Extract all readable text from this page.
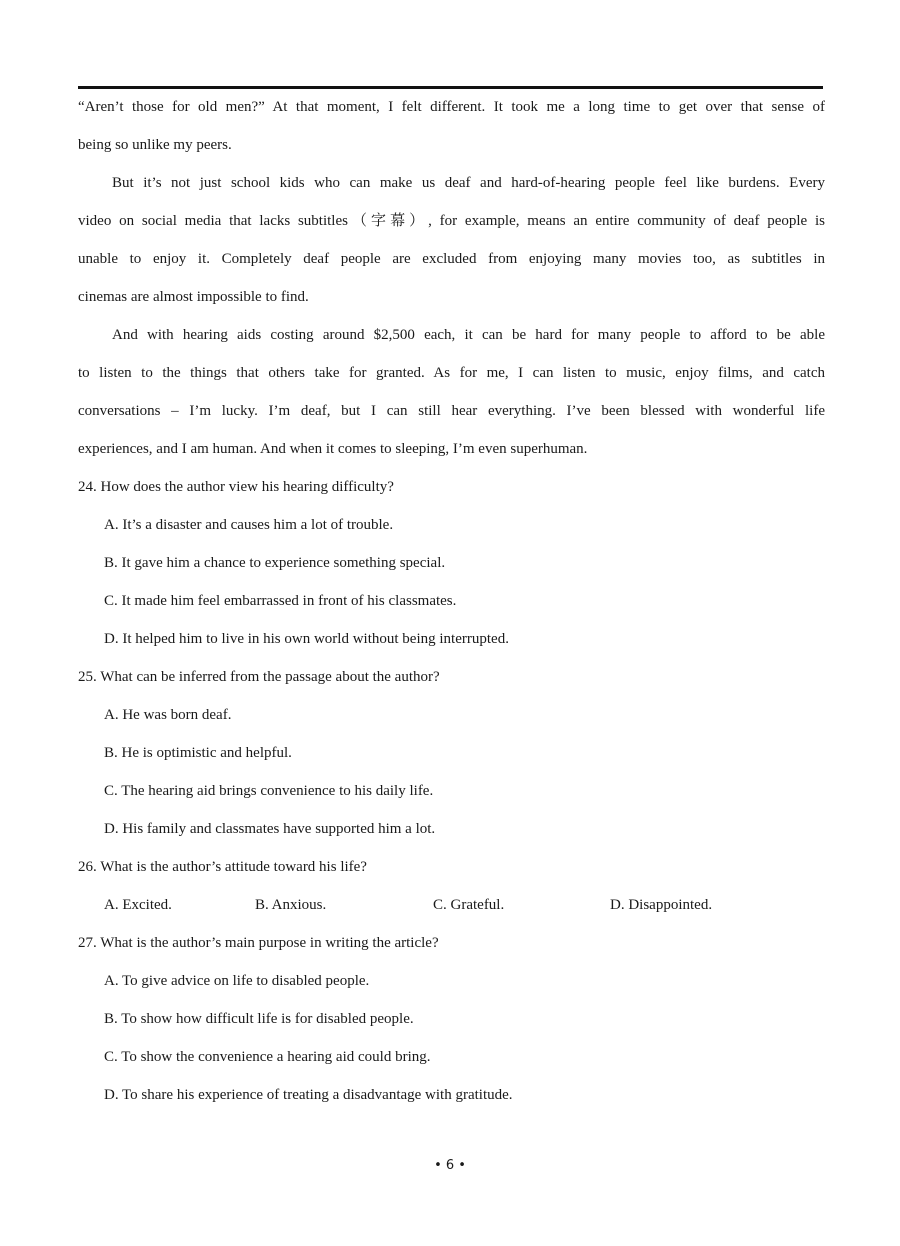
“Aren’t those for old men?” At that moment, I felt different. It took me a long time to get over that sense of
being so unlike my peers.
But it’s not just school kids who can make us deaf and hard-of-hearing people feel like burdens. Every
video on social media that lacks subtitles（字幕）, for example, means an entire community of deaf people is
unable to enjoy it. Completely deaf people are excluded from enjoying many movies too, as subtitles in
cinemas are almost impossible to find.
And with hearing aids costing around $2,500 each, it can be hard for many people to afford to be able
to listen to the things that others take for granted. As for me, I can listen to music, enjoy films, and catch
conversations – I’m lucky. I’m deaf, but I can still hear everything. I’ve been blessed with wonderful life
experiences, and I am human. And when it comes to sleeping, I’m even superhuman.
24. How does the author view his hearing difficulty?
A. It’s a disaster and causes him a lot of trouble.
B. It gave him a chance to experience something special.
C. It made him feel embarrassed in front of his classmates.
D. It helped him to live in his own world without being interrupted.
25. What can be inferred from the passage about the author?
A. He was born deaf.
B. He is optimistic and helpful.
C. The hearing aid brings convenience to his daily life.
D. His family and classmates have supported him a lot.
26. What is the author’s attitude toward his life?
A. Excited.	B. Anxious.	C. Grateful.	D. Disappointed.
27. What is the author’s main purpose in writing the article?
A. To give advice on life to disabled people.
B. To show how difficult life is for disabled people.
C. To show the convenience a hearing aid could bring.
D. To share his experience of treating a disadvantage with gratitude.
• 6 •
